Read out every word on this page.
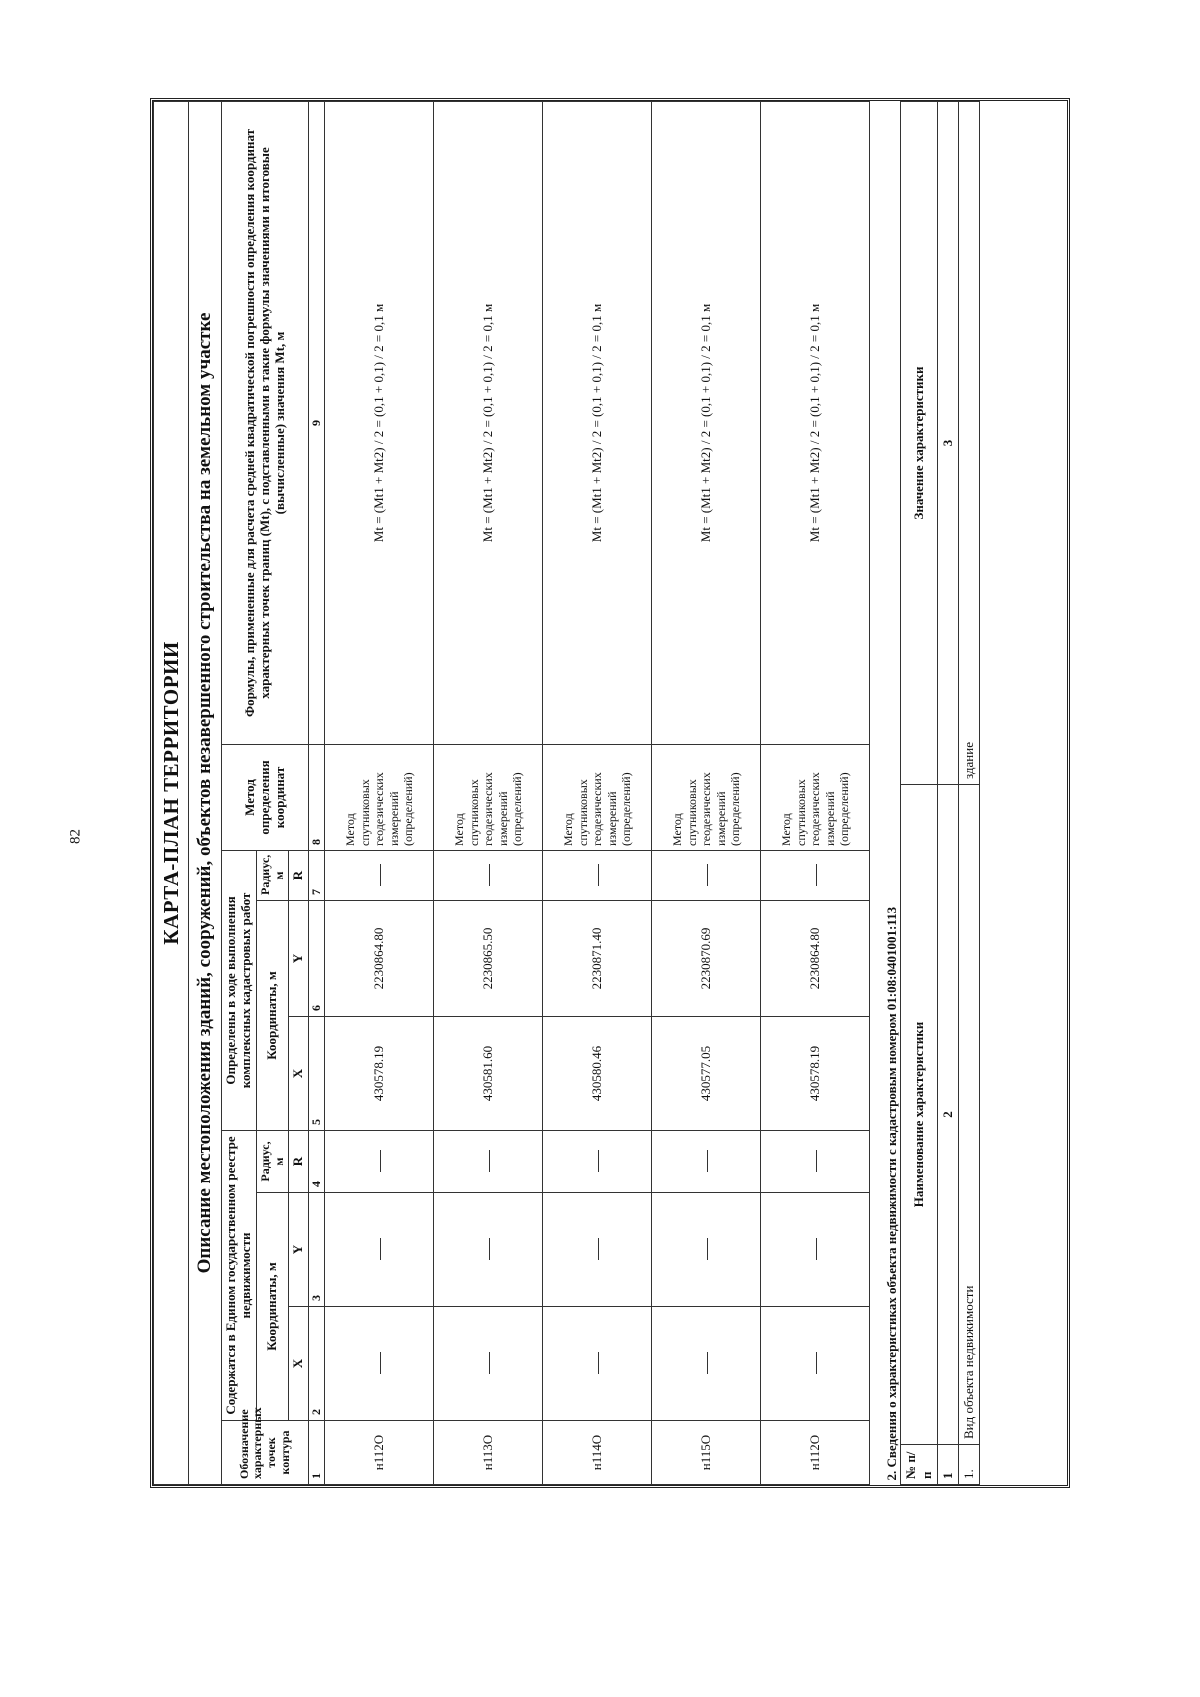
82	КАРТА-ПЛАН ТЕРРИТОРИИ								
Описание местоположения зданий, сооружений, объектов незавершенного строительства на земельном участке								
Обозначение характерных точек контура	Содержатся в Едином государственном реестре недвижимости			Определены в ходе выполнения комплексных кадастровых работ			Метод определения координат	Формулы, примененные для расчета средней квадратической погрешности определения координат характерных точек границ (Mt), с подставленными в такие формулы значениями и итоговые (вычисленные) значения Mt, м
	Координаты, м		Радиус, м	Координаты, м		Радиус, м		
	X	Y	R	X	Y	R		
1	2	3	4	5	6	7	8	9
н112О				430578.19	2230864.80		Метод спутниковых геодезических измерений (определений)	Mt = (Mt1 + Mt2) / 2 = (0,1 + 0,1) / 2 = 0,1 м
н113О				430581.60	2230865.50		Метод спутниковых геодезических измерений (определений)	Mt = (Mt1 + Mt2) / 2 = (0,1 + 0,1) / 2 = 0,1 м
н114О				430580.46	2230871.40		Метод спутниковых геодезических измерений (определений)	Mt = (Mt1 + Mt2) / 2 = (0,1 + 0,1) / 2 = 0,1 м
н115О				430577.05	2230870.69		Метод спутниковых геодезических измерений (определений)	Mt = (Mt1 + Mt2) / 2 = (0,1 + 0,1) / 2 = 0,1 м
н112О				430578.19	2230864.80		Метод спутниковых геодезических измерений (определений)	Mt = (Mt1 + Mt2) / 2 = (0,1 + 0,1) / 2 = 0,1 м
2. Сведения о характеристиках объекта недвижимости с кадастровым номером 01:08:0401001:113		
№ п/п	Наименование характеристики	Значение характеристики
1	2	3
1.	Вид объекта недвижимости	здание
